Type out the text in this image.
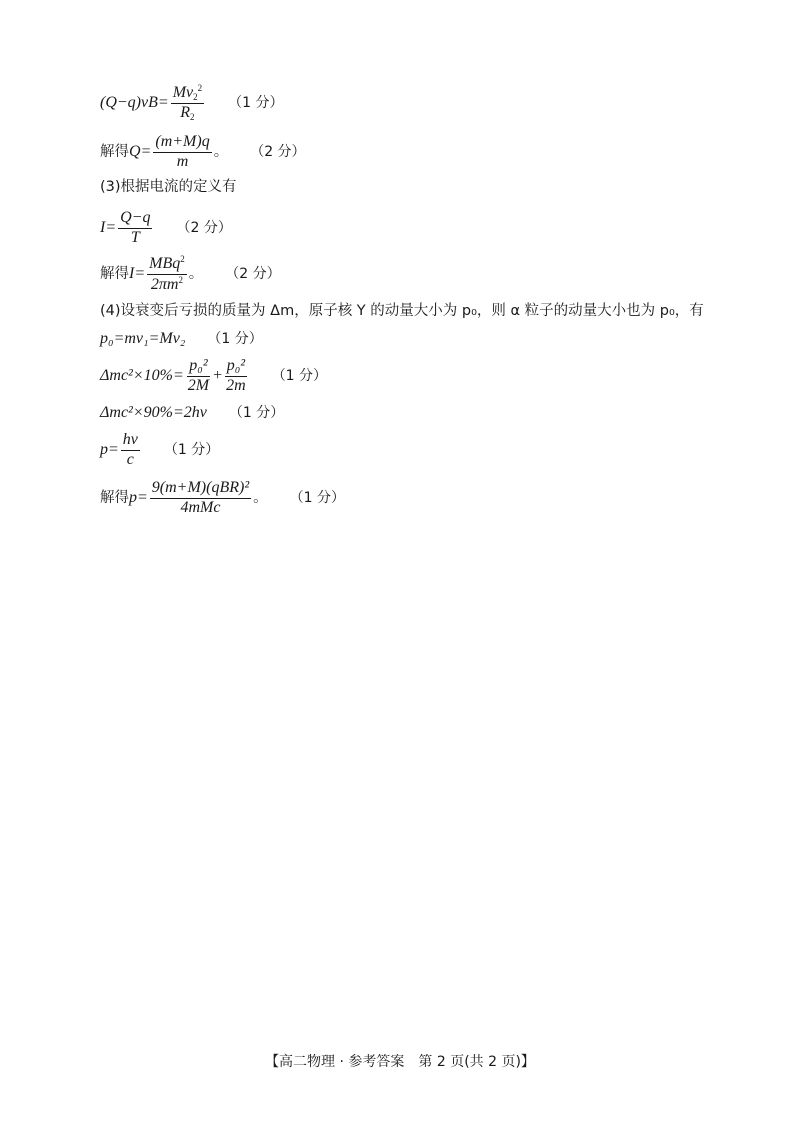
$(Q-q)vB= \frac{Mv_2^2}{R_2} (1$ 分）
解得 $Q= \frac{(m+M)q}{m}$ 。 （2 分）
(3)根据电流的定义有
$I= \frac{Q-q}{T} (2$ 分）
解得 $I= \frac{MBq^2}{2\pi m^2}$ 。 （2 分）
(4)设衰变后亏损的质量为 Δm，原子核 Y 的动量大小为 p₀，则 α 粒子的动量大小也为 p₀，有
p₀=mv₁=Mv₂ （1 分）
$\Delta mc^2\times 10\%= \frac{\text{p₀²}}{2M} + \frac{\text{p₀²}}{2m} (1$ 分）
Δmc²×90%=2hν （1 分）
$p= \frac{h\nu}{c} (1$ 分）
解得 $p= \frac{\text{9(m+M)(qBR)²}}{\text{4mMc}}$ 。 （1 分）
【高二物理 · 参考答案　第 2 页(共 2 页)】
